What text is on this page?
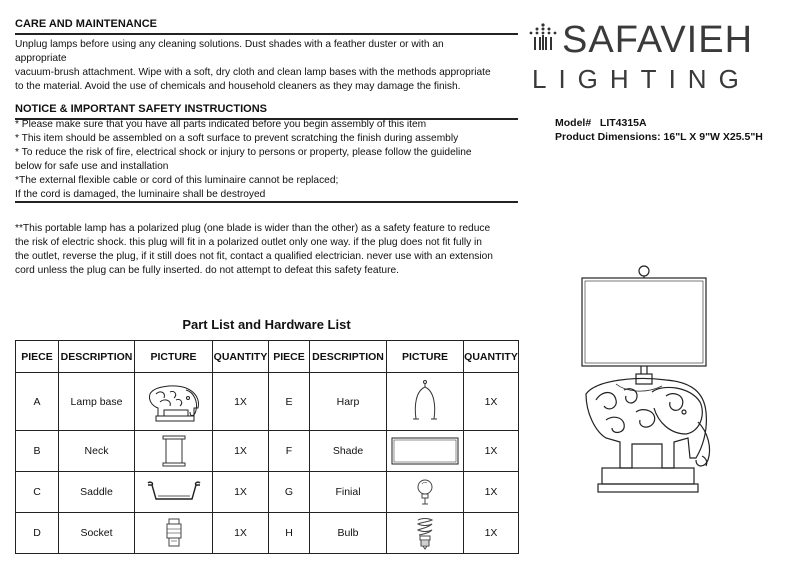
CARE AND MAINTENANCE
Unplug lamps before using any cleaning solutions. Dust shades with a feather duster or with an
appropriate
vacuum-brush attachment. Wipe with a soft, dry cloth and clean lamp bases with the methods appropriate
to the material. Avoid the use of chemicals and household cleaners as they may damage the finish.
NOTICE & IMPORTANT SAFETY INSTRUCTIONS
* Please make sure that you have all parts indicated before you begin assembly of this item
* This item should be assembled on a soft surface to prevent scratching the finish during assembly
* To reduce the risk of fire, electrical shock or injury to persons or property, please follow the guideline
below for safe use and installation
*The external flexible cable or cord of this luminaire cannot be replaced;
If the cord is damaged, the luminaire shall be destroyed
**This portable lamp has a polarized plug (one blade is wider than the other) as a safety feature to reduce
the risk of electric shock. this plug will fit in a polarized outlet only one way. if the plug does not fit fully in
the outlet, reverse the plug, if it still does not fit, contact a qualified electrician. never use with an extension
cord unless the plug can be fully inserted. do not attempt to defeat this safety feature.
SAFAVIEH
LIGHTING
Model#   LIT4315A
Product Dimensions: 16"L X 9"W X25.5"H
Part List and Hardware List
PIECE	DESCRIPTION	PICTURE	QUANTITY	PIECE	DESCRIPTION	PICTURE	QUANTITY
A	Lamp base		1X	E	Harp		1X
B	Neck		1X	F	Shade		1X
C	Saddle		1X	G	Finial		1X
D	Socket		1X	H	Bulb		1X
